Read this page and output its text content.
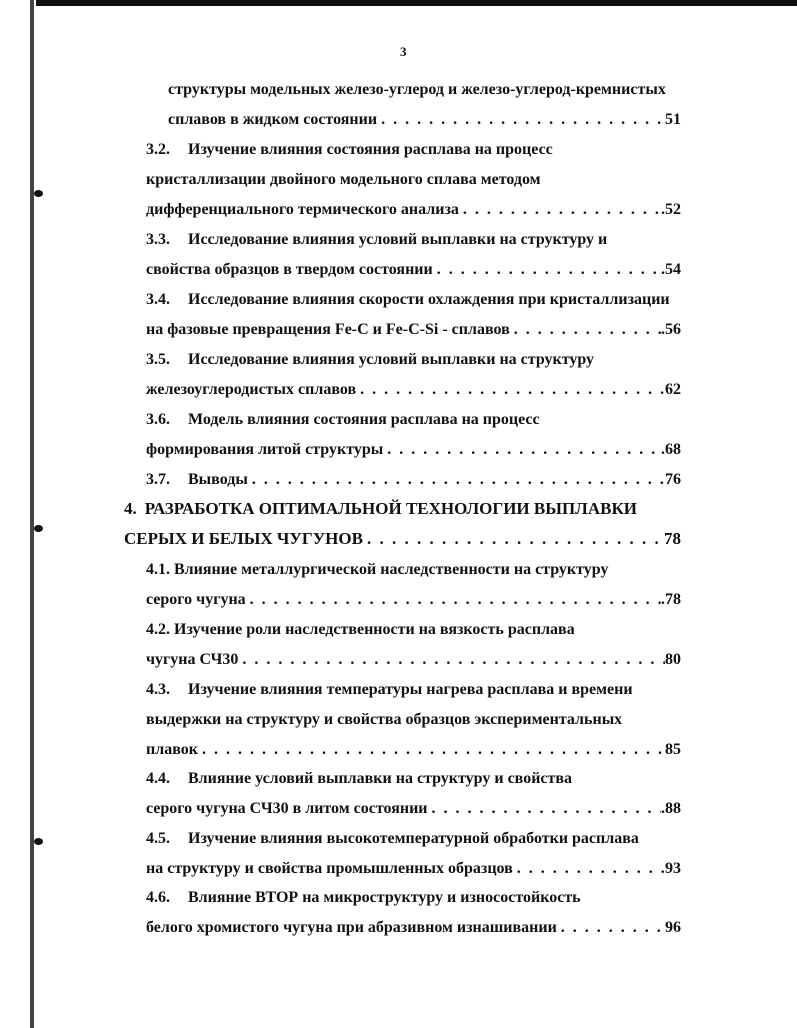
3
структуры модельных железо-углерод и железо-углерод-кремнистых
сплавов в жидком состоянии . . .	51
3.2.	Изучение влияния состояния расплава на процесс
кристаллизации двойного модельного сплава методом
дифференциального термического анализа . . .	.52
3.3.	Исследование влияния условий выплавки на структуру и
свойства образцов в твердом состоянии . . .	.54
3.4.	Исследование влияния скорости охлаждения при кристаллизации
на фазовые превращения Fe-C и Fe-C-Si - сплавов . . .	.56
3.5.	Исследование влияния условий выплавки на структуру
железоуглеродистых сплавов . . .	62
3.6.	Модель влияния состояния расплава на процесс
формирования литой структуры . . .	.68
3.7.	Выводы . . .	76
4. РАЗРАБОТКА ОПТИМАЛЬНОЙ ТЕХНОЛОГИИ ВЫПЛАВКИ
СЕРЫХ И БЕЛЫХ ЧУГУНОВ . . .	78
4.1. Влияние металлургической наследственности на структуру
серого чугуна . . .	.78
4.2. Изучение роли наследственности на вязкость расплава
чугуна СЧ30 . . .	80
4.3.	Изучение влияния температуры нагрева расплава и времени
выдержки на структуру и свойства образцов экспериментальных
плавок . . .	85
4.4.	Влияние условий выплавки на структуру и свойства
серого чугуна СЧ30 в литом состоянии . . .	.88
4.5.	Изучение влияния высокотемпературной обработки расплава
на структуру и свойства промышленных образцов . . .	93
4.6.	Влияние ВТОР на микроструктуру и износостойкость
белого хромистого чугуна при абразивном изнашивании . . .	96
